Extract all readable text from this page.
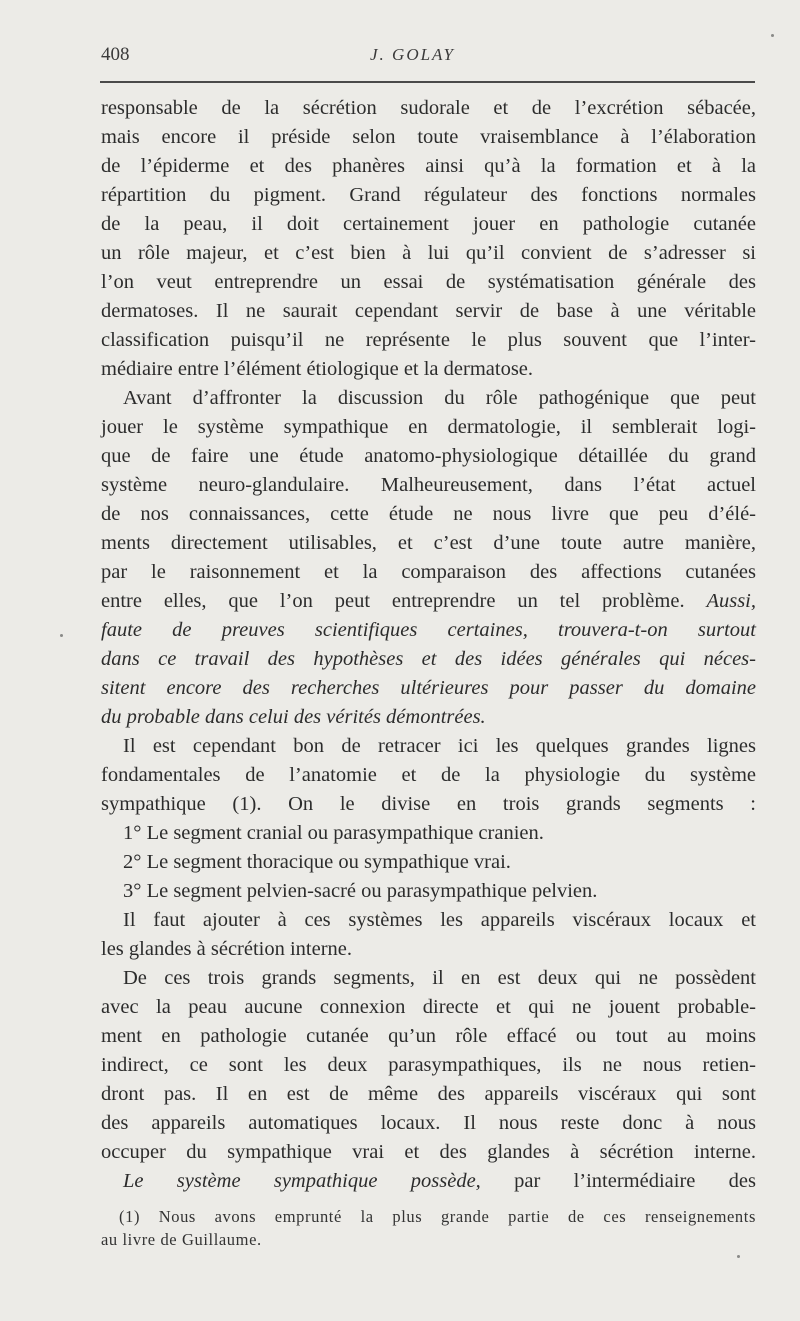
408	J. GOLAY
responsable de la sécrétion sudorale et de l’excrétion sébacée,
mais encore il préside selon toute vraisemblance à l’élaboration
de l’épiderme et des phanères ainsi qu’à la formation et à la
répartition du pigment. Grand régulateur des fonctions normales
de la peau, il doit certainement jouer en pathologie cutanée
un rôle majeur, et c’est bien à lui qu’il convient de s’adresser si
l’on veut entreprendre un essai de systématisation générale des
dermatoses. Il ne saurait cependant servir de base à une véritable
classification puisqu’il ne représente le plus souvent que l’inter-
médiaire entre l’élément étiologique et la dermatose.
Avant d’affronter la discussion du rôle pathogénique que peut
jouer le système sympathique en dermatologie, il semblerait logi-
que de faire une étude anatomo-physiologique détaillée du grand
système neuro-glandulaire. Malheureusement, dans l’état actuel
de nos connaissances, cette étude ne nous livre que peu d’élé-
ments directement utilisables, et c’est d’une toute autre manière,
par le raisonnement et la comparaison des affections cutanées
entre elles, que l’on peut entreprendre un tel problème. Aussi,
faute de preuves scientifiques certaines, trouvera-t-on surtout
dans ce travail des hypothèses et des idées générales qui néces-
sitent encore des recherches ultérieures pour passer du domaine
du probable dans celui des vérités démontrées.
Il est cependant bon de retracer ici les quelques grandes lignes
fondamentales de l’anatomie et de la physiologie du système
sympathique (1). On le divise en trois grands segments :
1° Le segment cranial ou parasympathique cranien.
2° Le segment thoracique ou sympathique vrai.
3° Le segment pelvien-sacré ou parasympathique pelvien.
Il faut ajouter à ces systèmes les appareils viscéraux locaux et
les glandes à sécrétion interne.
De ces trois grands segments, il en est deux qui ne possèdent
avec la peau aucune connexion directe et qui ne jouent probable-
ment en pathologie cutanée qu’un rôle effacé ou tout au moins
indirect, ce sont les deux parasympathiques, ils ne nous retien-
dront pas. Il en est de même des appareils viscéraux qui sont
des appareils automatiques locaux. Il nous reste donc à nous
occuper du sympathique vrai et des glandes à sécrétion interne.
Le système sympathique possède, par l’intermédiaire des
(1) Nous avons emprunté la plus grande partie de ces renseignements
au livre de Guillaume.
